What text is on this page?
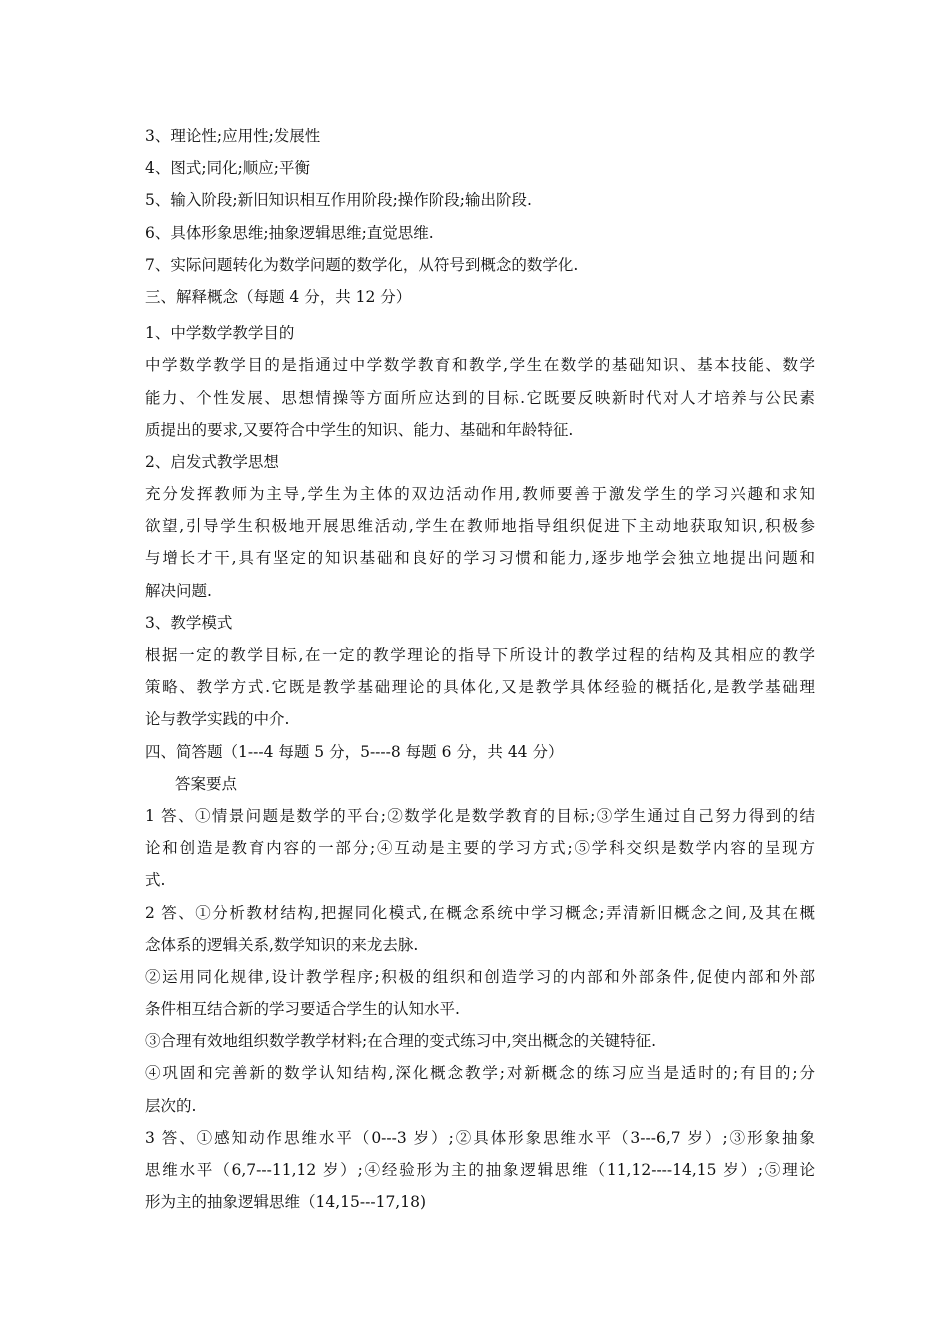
3、理论性;应用性;发展性
4、图式;同化;顺应;平衡
5、输入阶段;新旧知识相互作用阶段;操作阶段;输出阶段.
6、具体形象思维;抽象逻辑思维;直觉思维.
7、实际问题转化为数学问题的数学化，从符号到概念的数学化.
三、解释概念（每题 4 分，共 12 分）
1、中学数学教学目的
中学数学教学目的是指通过中学数学教育和教学,学生在数学的基础知识、基本技能、数学
能力、个性发展、思想情操等方面所应达到的目标.它既要反映新时代对人才培养与公民素
质提出的要求,又要符合中学生的知识、能力、基础和年龄特征.
2、启发式教学思想
充分发挥教师为主导,学生为主体的双边活动作用,教师要善于激发学生的学习兴趣和求知
欲望,引导学生积极地开展思维活动,学生在教师地指导组织促进下主动地获取知识,积极参
与增长才干,具有坚定的知识基础和良好的学习习惯和能力,逐步地学会独立地提出问题和
解决问题.
3、教学模式
根据一定的教学目标,在一定的教学理论的指导下所设计的教学过程的结构及其相应的教学
策略、教学方式.它既是教学基础理论的具体化,又是教学具体经验的概括化,是教学基础理
论与教学实践的中介.
四、简答题（1---4 每题 5 分，5----8 每题 6 分，共 44 分）
答案要点
1 答、①情景问题是数学的平台;②数学化是数学教育的目标;③学生通过自己努力得到的结
论和创造是教育内容的一部分;④互动是主要的学习方式;⑤学科交织是数学内容的呈现方
式.
2 答、①分析教材结构,把握同化模式,在概念系统中学习概念;弄清新旧概念之间,及其在概
念体系的逻辑关系,数学知识的来龙去脉.
②运用同化规律,设计教学程序;积极的组织和创造学习的内部和外部条件,促使内部和外部
条件相互结合新的学习要适合学生的认知水平.
③合理有效地组织数学教学材料;在合理的变式练习中,突出概念的关键特征.
④巩固和完善新的数学认知结构,深化概念教学;对新概念的练习应当是适时的;有目的;分
层次的.
3 答、①感知动作思维水平（0---3 岁）;②具体形象思维水平（3---6,7 岁）;③形象抽象
思维水平（6,7---11,12 岁）;④经验形为主的抽象逻辑思维（11,12----14,15 岁）;⑤理论
形为主的抽象逻辑思维（14,15---17,18)
